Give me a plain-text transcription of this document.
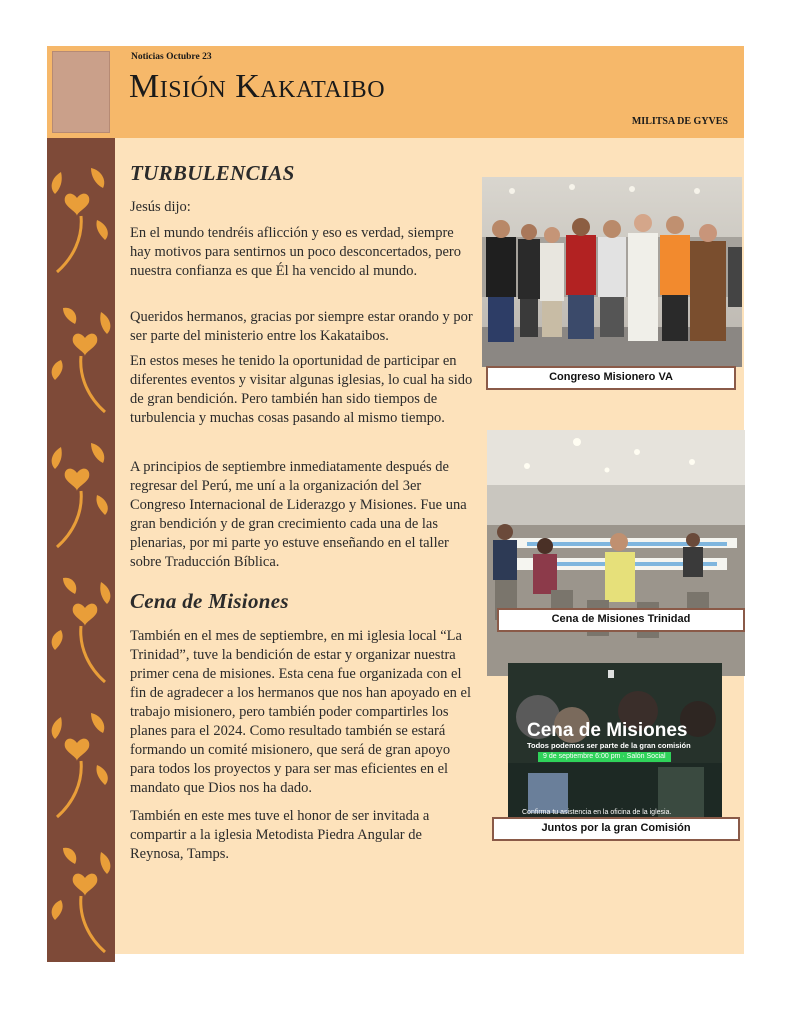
Noticias Octubre 23
Misión Kakataibo
MILITSA DE GYVES
TURBULENCIAS

Jesús dijo:

En el mundo tendréis aflicción y eso es verdad, siempre hay motivos para sentirnos un poco desconcertados, pero nuestra confianza es que Él ha vencido al mundo.

Queridos hermanos, gracias por siempre estar orando y por ser parte del ministerio entre los Kakataibos.

En estos meses he tenido la oportunidad de participar en diferentes eventos y visitar algunas iglesias, lo cual ha sido de gran bendición. Pero también han sido tiempos de turbulencia y muchas cosas pasando al mismo tiempo.

A principios de septiembre inmediatamente después de regresar del Perú, me uní a la organización del 3er Congreso Internacional de Liderazgo y Misiones. Fue una gran bendición y de gran crecimiento cada una de las plenarias, por mi parte yo estuve enseñando en el taller sobre Traducción Bíblica.

Cena de Misiones

También en el mes de septiembre, en mi iglesia local “La Trinidad”, tuve la bendición de estar y organizar nuestra primer cena de misiones. Esta cena fue organizada con el fin de agradecer a los hermanos que nos han apoyado en el trabajo misionero, pero también poder compartirles los planes para el 2024. Como resultado también se estará formando un comité misionero, que será de gran apoyo para todos los proyectos y para ser mas eficientes en el mandato que Dios nos ha dado.

También en este mes tuve el honor de ser invitada a compartir a la iglesia Metodista Piedra Angular de Reynosa, Tamps.

Congreso Misionero VA
Cena de Misiones Trinidad
Cena de Misiones
Todos podemos ser parte de la gran comisión
9 de septiembre 6:00 pm · Salón Social
Confirma tu asistencia en la oficina de la iglesia.
Juntos por la gran Comisión
